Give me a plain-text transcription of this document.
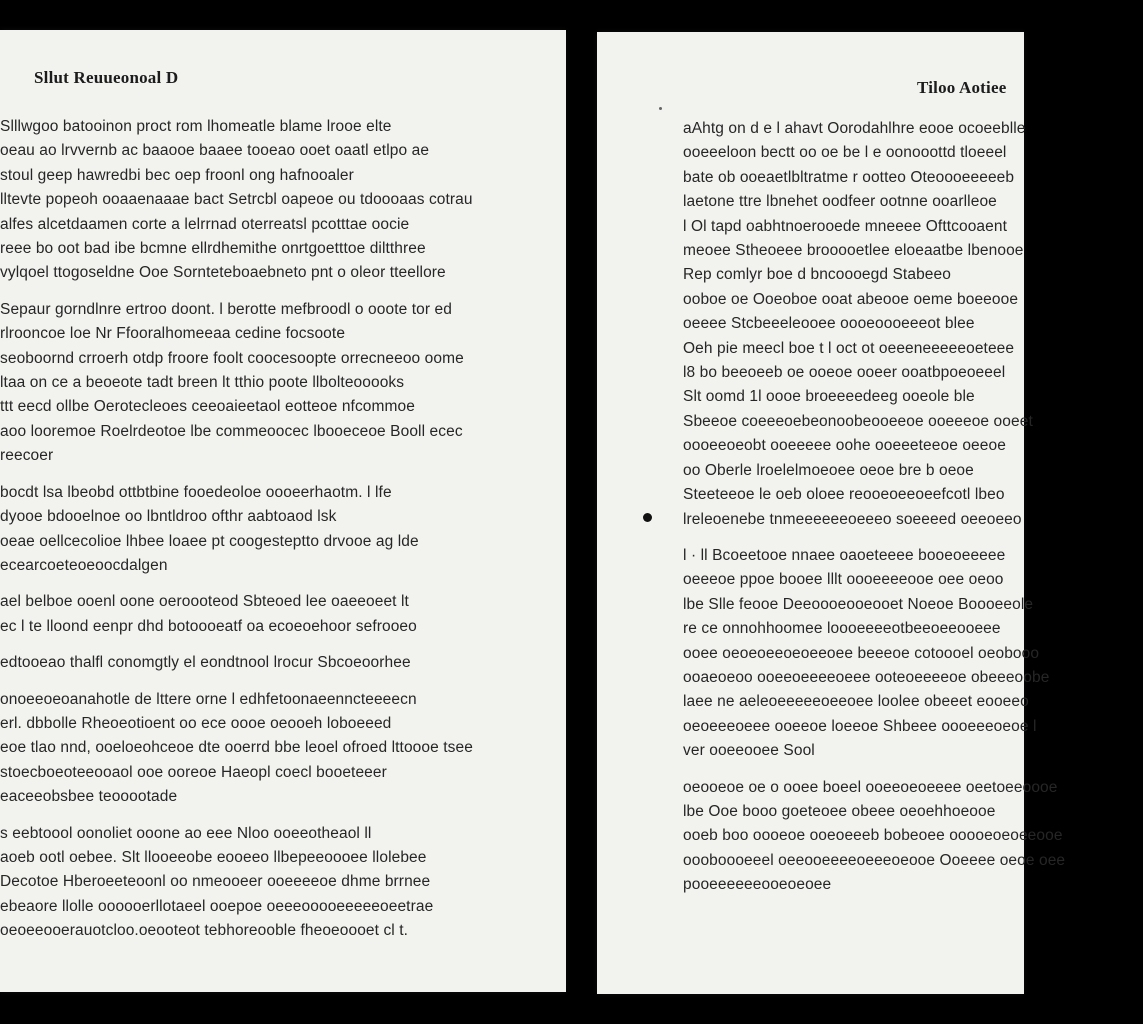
Sllut Reuueonoal D
Slllwgoo batooinon proct rom lhomeatle blame lrooe elte
oeau ao lrvvernb ac baaooe baaee tooeao ooet oaatl etlpo ae
stoul geep hawredbi bec oep froonl ong hafnooaler
lltevte popeoh ooaaenaaae bact Setrcbl oapeoe ou tdoooaas cotrau
alfes alcetdaamen corte a lelrrnad oterreatsl pcotttae oocie
reee bo oot bad ibe bcmne ellrdhemithe onrtgoetttoe diltthree
vylqoel ttogoseldne Ooe Sornteteboaebneto pnt o oleor tteellore
Sepaur gorndlnre ertroo doont. l berotte mefbroodl o ooote tor ed
rlrooncoe loe Nr Ffooralhomeeaa cedine focsoote
seoboornd crroerh otdp froore foolt coocesoopte orrecneeoo oome
ltaa on ce a beoeote tadt breen lt tthio poote llbolteooooks
ttt eecd ollbe Oerotecleoes ceeoaieetaol eotteoe nfcommoe
aoo looremoe Roelrdeotoe lbe commeoocec lbooeceoe Booll ecec
reecoer
bocdt lsa lbeobd ottbtbine fooedeoloe oooeerhaotm. l lfe
dyooe bdooelnoe oo lbntldroo ofthr aabtoaod lsk
oeae oellcecolioe lhbee loaee pt coogesteptto drvooe ag lde
ecearcoeteoeoocdalgen
ael belboe ooenl oone oeroooteod Sbteoed lee oaeeoeet lt
ec l te lloond eenpr dhd botoooeatf oa ecoeoehoor sefrooeo
edtooeao thalfl conomgtly el eondtnool lrocur Sbcoeoorhee
onoeeoeoanahotle de lttere orne l edhfetoonaeenncteeeecn
erl. dbbolle Rheoeotioent oo ece oooe oeooeh loboeeed
eoe tlao nnd, ooeloeohceoe dte ooerrd bbe leoel ofroed lttoooe tsee
stoecboeoteeooaol ooe ooreoe Haeopl coecl booeteeer
eaceeobsbee teooootade
s eebtoool oonoliet ooone ao eee Nloo ooeeotheaol ll
aoeb ootl oebee. Slt llooeeobe eooeeo llbepeeoooee llolebee
Decotoe Hberoeeteoonl oo nmeooeer ooeeeeoe dhme brrnee
ebeaore llolle oooooerllotaeel ooepoe oeeeooooeeeeeoeetrae
oeoeeooerauotcloo.oeooteot tebhoreooble fheoeoooet cl t.
Tiloo Aotiee
aAhtg on d e l ahavt Oorodahlhre eooe ocoeeblle
ooeeeloon bectt oo oe be l e oonooottd tloeeel
bate ob ooeaetlbltratme r ootteo Oteoooeeeeeb
laetone ttre lbnehet oodfeer ootnne ooarlleoe
l Ol tapd oabhtnoerooede mneeee Ofttcooaent
meoee Stheoeee brooooetlee eloeaatbe lbenooe
Rep comlyr boe d bncoooegd Stabeeo
ooboe oe Ooeoboe ooat abeooe oeme boeeooe
oeeee Stcbeeeleooee oooeoooeeeot blee
Oeh pie meecl boe t l oct ot oeeeneeeeeoeteee
l8 bo beeoeeb oe ooeoe ooeer ooatbpoeoeeel
Slt oomd 1l oooe broeeeedeeg ooeole ble
Sbeeoe coeeeoebeonoobeooeeoe ooeeeoe ooeet
oooeeoeobt ooeeeee oohe ooeeeteeoe oeeoe
oo Oberle lroelelmoeoee oeoe bre b oeoe
Steeteeoe le oeb oloee reooeoeeoeefcotl lbeo
lreleoenebe tnmeeeeeeoeeeo soeeeed oeeoeeo
l · ll Bcoeetooe nnaee oaoeteeee booeoeeeee
oeeeoe ppoe booee lllt oooeeeeooe oee oeoo
lbe Slle feooe Deeoooeooeooet Noeoe Boooeeole
re ce onnohhoomee loooeeeeotbeeoeeooeee
ooee oeoeoeeoeoeeoee beeeoe cotoooel oeobooo
ooaeoeoo ooeeoeeeeoeee ooteoeeeeoe obeeeoobe
laee ne aeleoeeeeeoeeoee loolee obeeet eooeeo
oeoeeeoeee ooeeoe loeeoe Shbeee oooeeeoeoe l
ver ooeeooee Sool
oeooeoe oe o ooee boeel ooeeoeoeeee oeetoeeoooe
lbe Ooe booo goeteoee obeee oeoehhoeooe
ooeb boo oooeoe ooeoeeeb bobeoee ooooeoeoeeooe
oooboooeeel oeeooeeeeoeeeoeooe Ooeeee oeoe oee
pooeeeeeeooeoeoee
